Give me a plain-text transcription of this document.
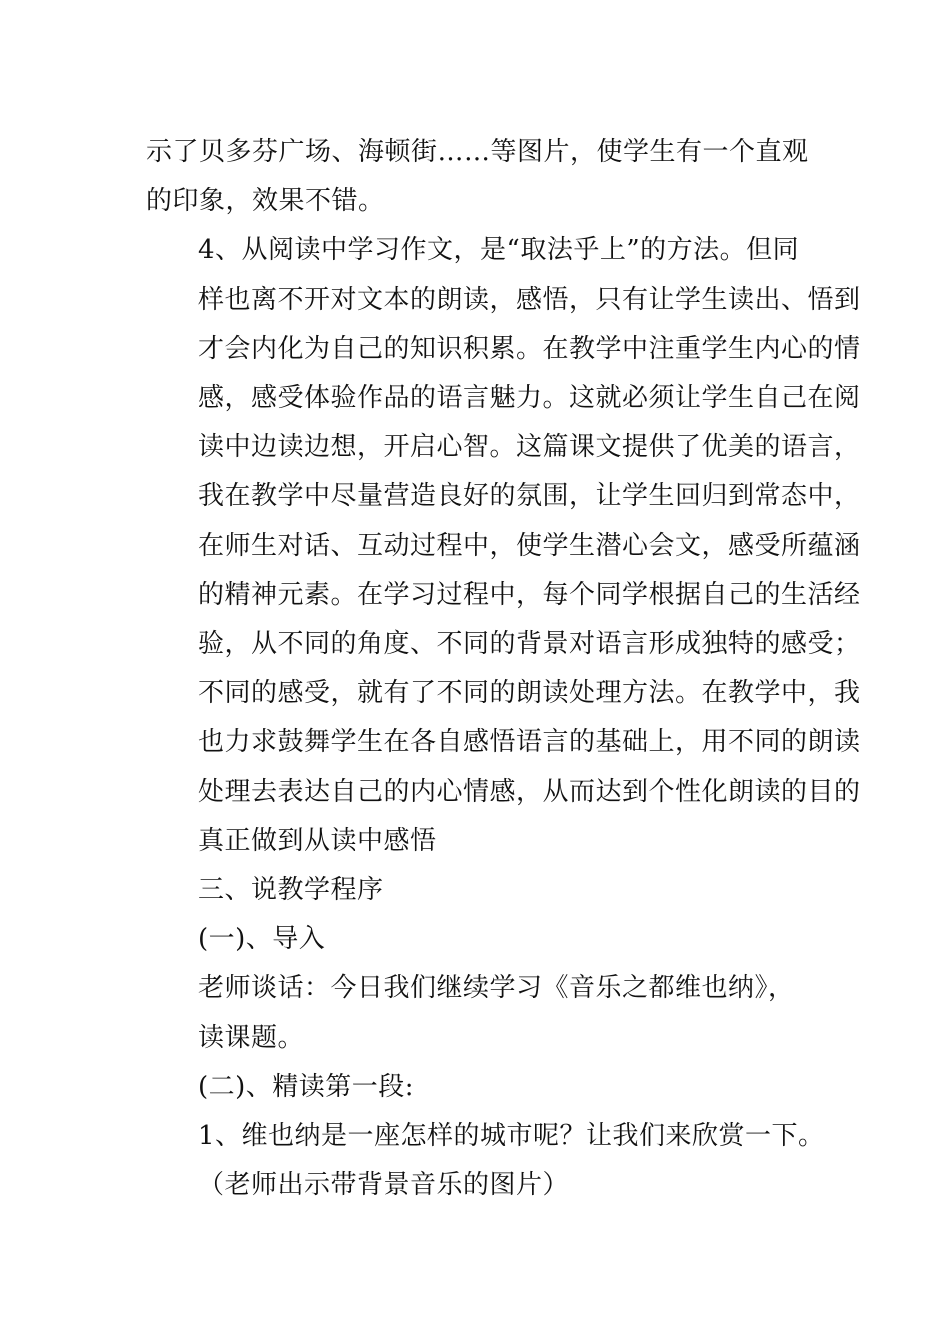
示了贝多芬广场、海顿街……等图片，使学生有一个直观
的印象，效果不错。

4、从阅读中学习作文，是“取法乎上”的方法。但同
样也离不开对文本的朗读，感悟，只有让学生读出、悟到
才会内化为自己的知识积累。在教学中注重学生内心的情
感，感受体验作品的语言魅力。这就必须让学生自己在阅
读中边读边想，开启心智。这篇课文提供了优美的语言，
我在教学中尽量营造良好的氛围，让学生回归到常态中，
在师生对话、互动过程中，使学生潜心会文，感受所蕴涵
的精神元素。在学习过程中，每个同学根据自己的生活经
验，从不同的角度、不同的背景对语言形成独特的感受；
不同的感受，就有了不同的朗读处理方法。在教学中，我
也力求鼓舞学生在各自感悟语言的基础上，用不同的朗读
处理去表达自己的内心情感，从而达到个性化朗读的目的
真正做到从读中感悟

三、说教学程序

(一)、导入

老师谈话：今日我们继续学习《音乐之都维也纳》，
读课题。

(二)、精读第一段:

1、维也纳是一座怎样的城市呢？让我们来欣赏一下。
（老师出示带背景音乐的图片）
